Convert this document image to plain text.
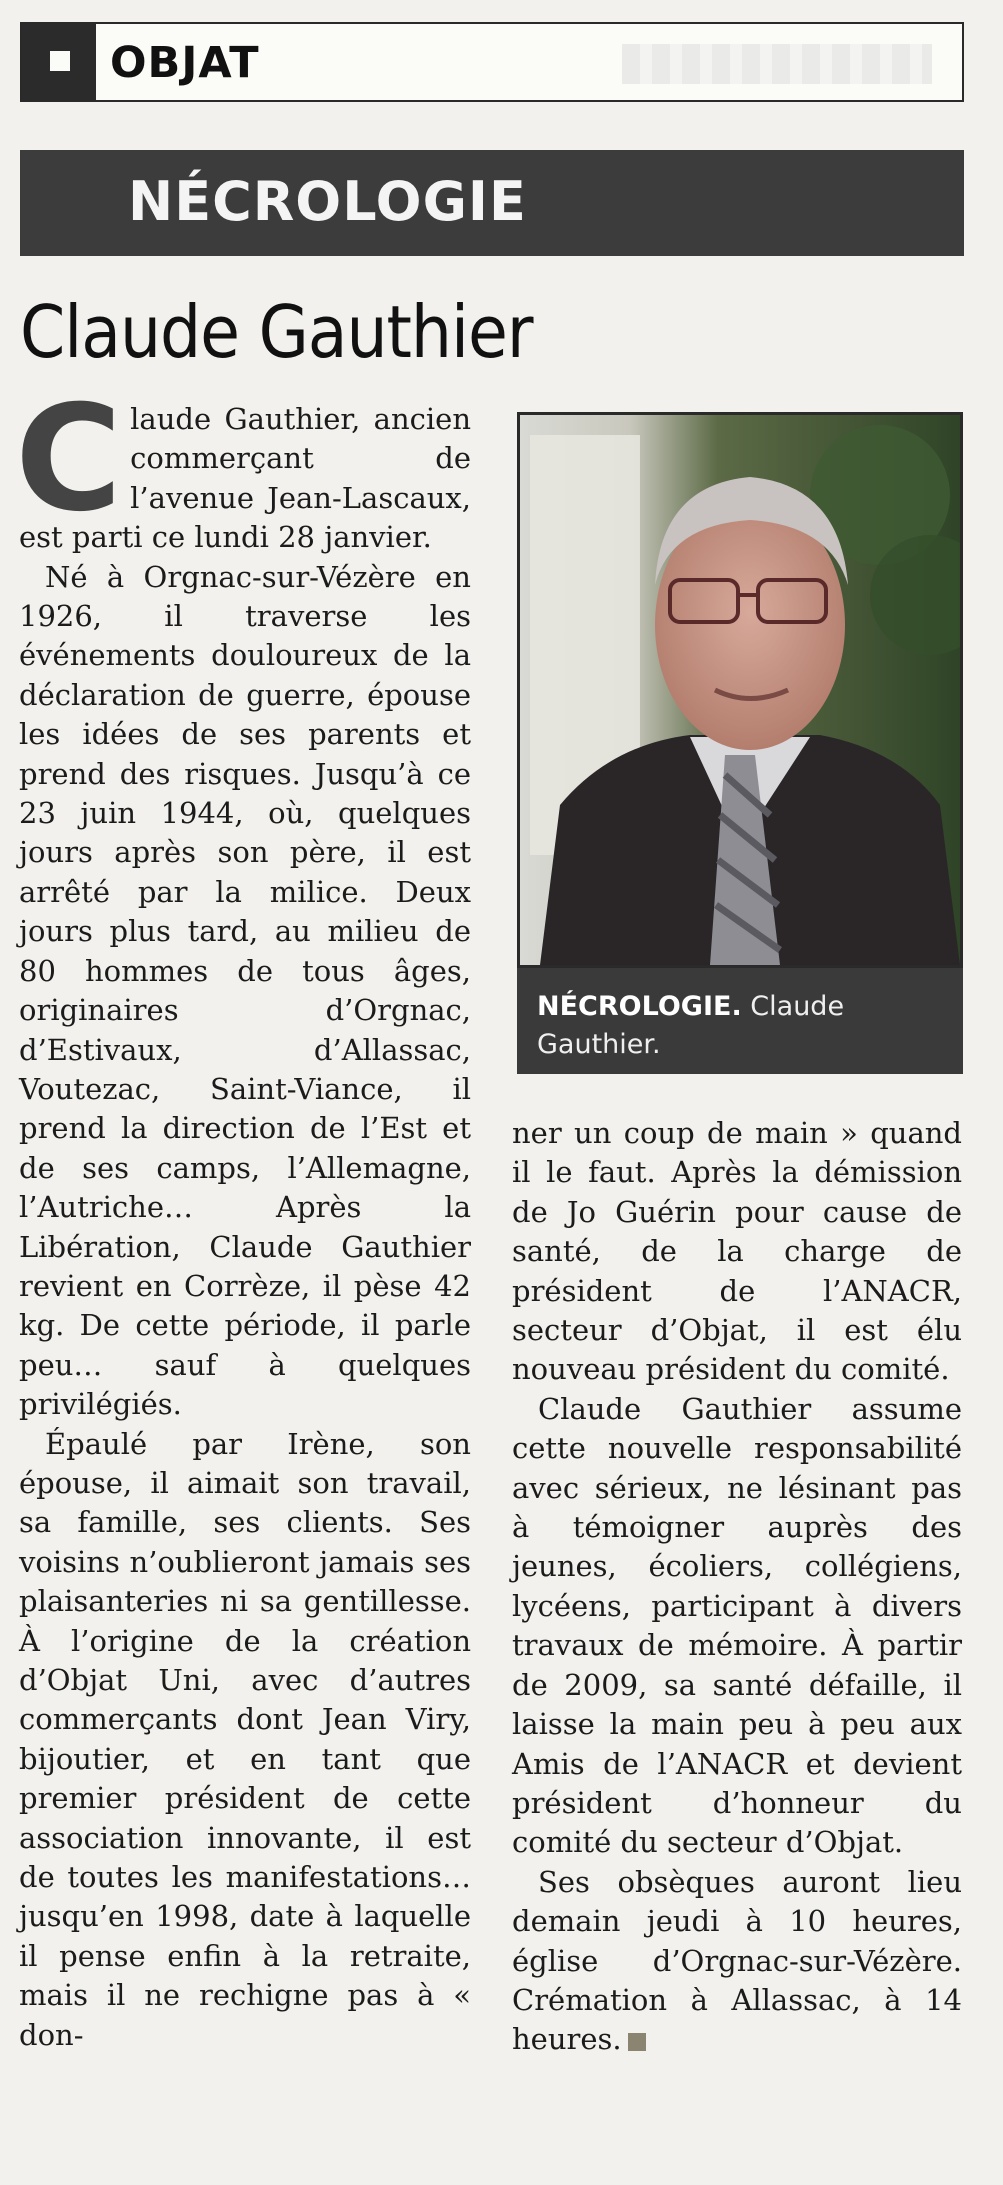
OBJAT
NÉCROLOGIE
Claude Gauthier

Claude Gauthier, ancien commerçant de l’avenue Jean-Lascaux, est parti ce lundi 28 janvier.

Né à Orgnac-sur-Vézère en 1926, il traverse les événements douloureux de la déclaration de guerre, épouse les idées de ses parents et prend des risques. Jusqu’à ce 23 juin 1944, où, quelques jours après son père, il est arrêté par la milice. Deux jours plus tard, au milieu de 80 hommes de tous âges, originaires d’Orgnac, d’Estivaux, d’Allassac, Voutezac, Saint-Viance, il prend la direction de l’Est et de ses camps, l’Allemagne, l’Autriche… Après la Libération, Claude Gauthier revient en Corrèze, il pèse 42 kg. De cette période, il parle peu… sauf à quelques privilégiés.

Épaulé par Irène, son épouse, il aimait son travail, sa famille, ses clients. Ses voisins n’oublieront jamais ses plaisanteries ni sa gentillesse. À l’origine de la création d’Objat Uni, avec d’autres commerçants dont Jean Viry, bijoutier, et en tant que premier président de cette association innovante, il est de toutes les manifestations… jusqu’en 1998, date à laquelle il pense enfin à la retraite, mais il ne rechigne pas à « don-

NÉCROLOGIE. Claude Gauthier.

ner un coup de main » quand il le faut. Après la démission de Jo Guérin pour cause de santé, de la charge de président de l’ANACR, secteur d’Objat, il est élu nouveau président du comité.

Claude Gauthier assume cette nouvelle responsabilité avec sérieux, ne lésinant pas à témoigner auprès des jeunes, écoliers, collégiens, lycéens, participant à divers travaux de mémoire. À partir de 2009, sa santé défaille, il laisse la main peu à peu aux Amis de l’ANACR et devient président d’honneur du comité du secteur d’Objat.

Ses obsèques auront lieu demain jeudi à 10 heures, église d’Orgnac-sur-Vézère. Crémation à Allassac, à 14 heures.
